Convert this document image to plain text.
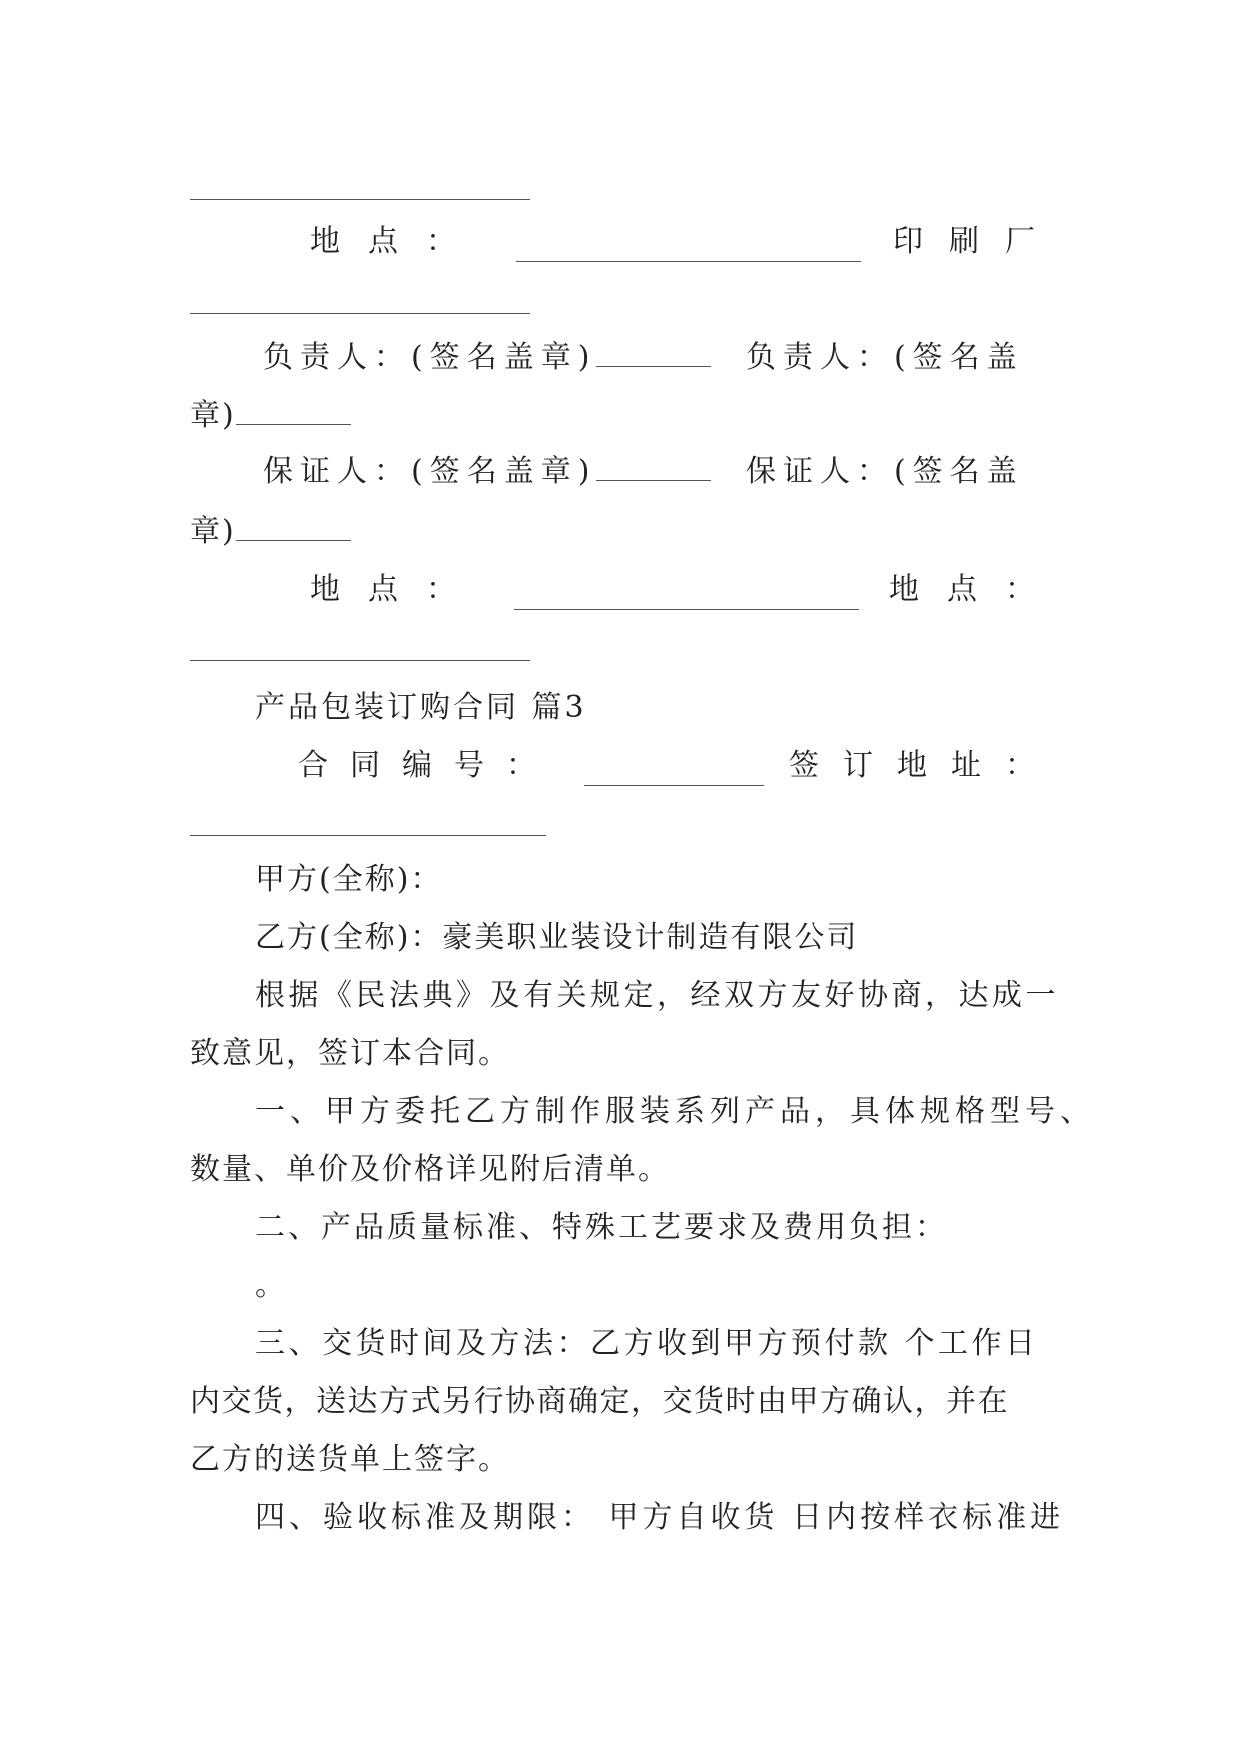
地点：	印刷厂
负责人：(签名盖章)	负责人：(签名盖
章)
保证人：(签名盖章)	保证人：(签名盖
章)
地点：	地点：
产品包装订购合同 篇3
合同编号：	签订地址：
甲方(全称)：
乙方(全称)：豪美职业装设计制造有限公司
根据《民法典》及有关规定，经双方友好协商，达成一
致意见，签订本合同。
一、甲方委托乙方制作服装系列产品，具体规格型号、
数量、单价及价格详见附后清单。
二、产品质量标准、特殊工艺要求及费用负担：
。
三、交货时间及方法：乙方收到甲方预付款 个工作日
内交货，送达方式另行协商确定，交货时由甲方确认，并在
乙方的送货单上签字。
四、验收标准及期限： 甲方自收货 日内按样衣标准进
